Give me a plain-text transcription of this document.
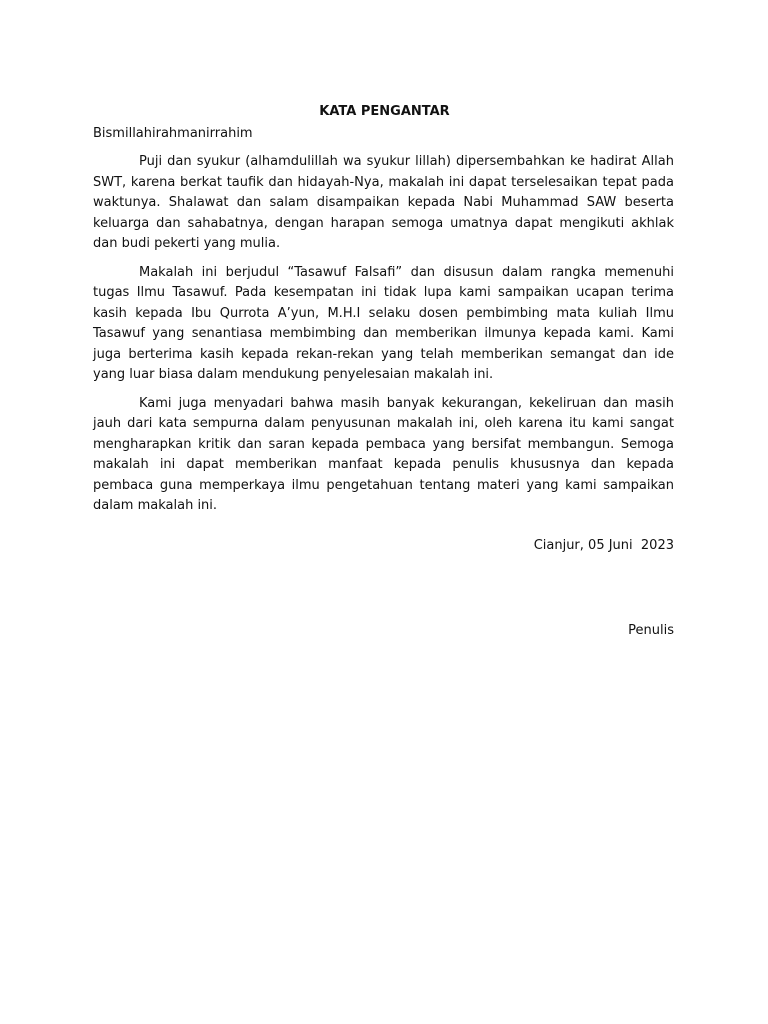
KATA PENGANTAR
Bismillahirahmanirrahim

Puji dan syukur (alhamdulillah wa syukur lillah) dipersembahkan ke hadirat Allah SWT, karena berkat taufik dan hidayah-Nya, makalah ini dapat terselesaikan tepat pada waktunya. Shalawat dan salam disampaikan kepada Nabi Muhammad SAW beserta keluarga dan sahabatnya, dengan harapan semoga umatnya dapat mengikuti akhlak dan budi pekerti yang mulia.

Makalah ini berjudul “Tasawuf Falsafi” dan disusun dalam rangka memenuhi tugas Ilmu Tasawuf. Pada kesempatan ini tidak lupa kami sampaikan ucapan terima kasih kepada Ibu Qurrota A’yun, M.H.I selaku dosen pembimbing mata kuliah Ilmu Tasawuf yang senantiasa membimbing dan memberikan ilmunya kepada kami. Kami juga berterima kasih kepada rekan-rekan yang telah memberikan semangat dan ide yang luar biasa dalam mendukung penyelesaian makalah ini.

Kami juga menyadari bahwa masih banyak kekurangan, kekeliruan dan masih jauh dari kata sempurna dalam penyusunan makalah ini, oleh karena itu kami sangat mengharapkan kritik dan saran kepada pembaca yang bersifat membangun. Semoga makalah ini dapat memberikan manfaat kepada penulis khususnya dan kepada pembaca guna memperkaya ilmu pengetahuan tentang materi yang kami sampaikan dalam makalah ini.

Cianjur, 05 Juni  2023
Penulis
